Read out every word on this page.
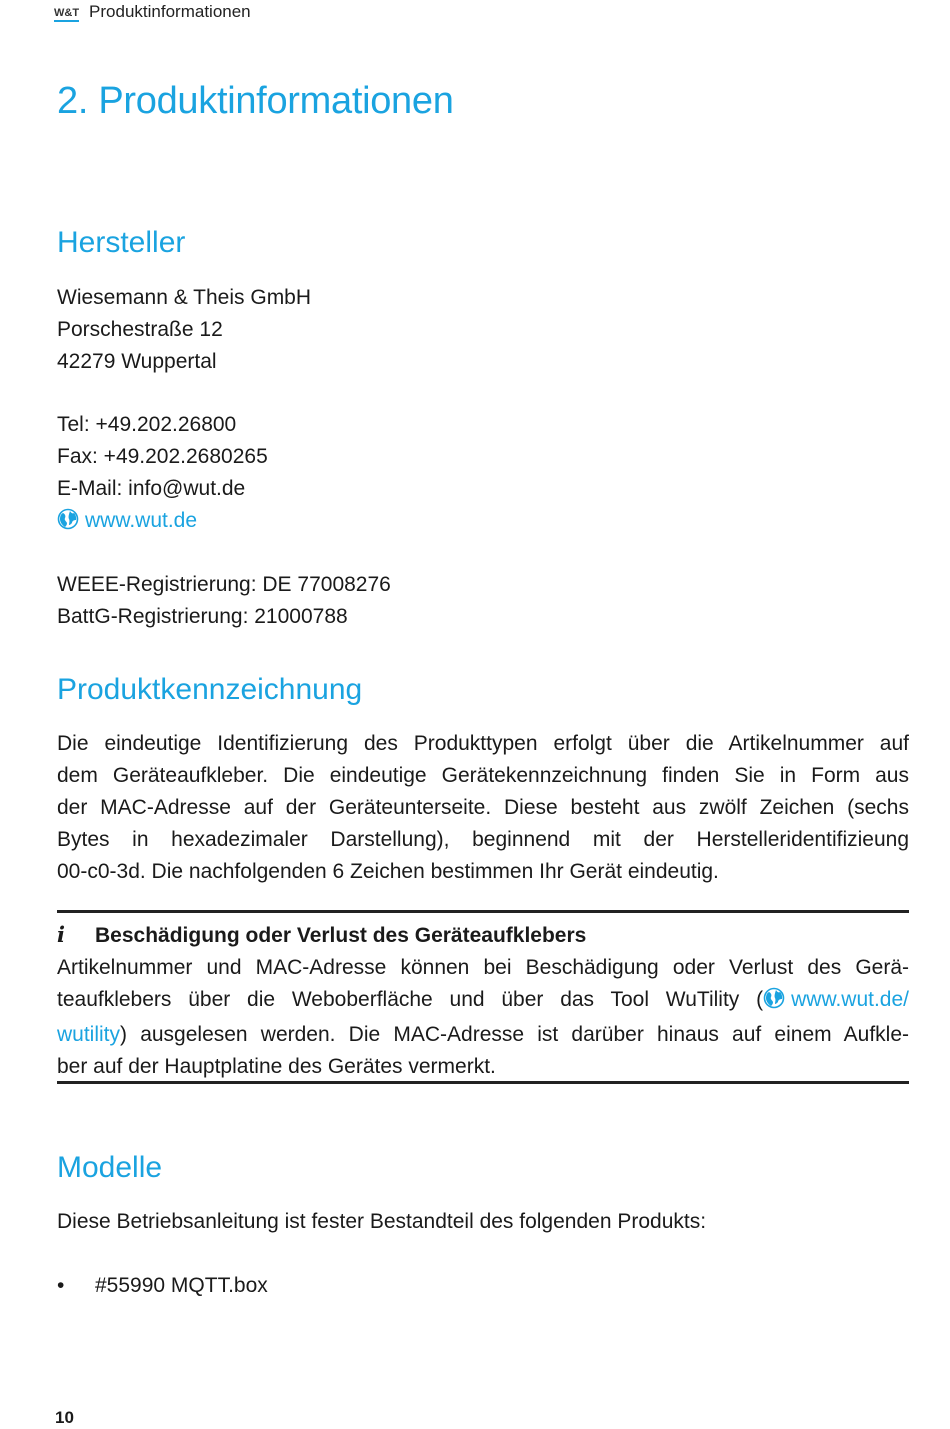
W&T Produktinformationen
2. Produktinformationen
Hersteller
Wiesemann & Theis GmbH
Porschestraße 12
42279 Wuppertal
Tel: +49.202.26800
Fax: +49.202.2680265
E-Mail: info@wut.de
www.wut.de
WEEE-Registrierung: DE 77008276
BattG-Registrierung: 21000788
Produktkennzeichnung
Die eindeutige Identifizierung des Produkttypen erfolgt über die Artikelnummer auf
dem Geräteaufkleber. Die eindeutige Gerätekennzeichnung finden Sie in Form aus
der MAC-Adresse auf der Geräteunterseite. Diese besteht aus zwölf Zeichen (sechs
Bytes in hexadezimaler Darstellung), beginnend mit der Herstelleridentifizieung
00-c0-3d. Die nachfolgenden 6 Zeichen bestimmen Ihr Gerät eindeutig.
i Beschädigung oder Verlust des Geräteaufklebers
Artikelnummer und MAC-Adresse können bei Beschädigung oder Verlust des Gerä-
teaufklebers über die Weboberfläche und über das Tool WuTility ( www.wut.de/
wutility) ausgelesen werden. Die MAC-Adresse ist darüber hinaus auf einem Aufkle-
ber auf der Hauptplatine des Gerätes vermerkt.
Modelle
Diese Betriebsanleitung ist fester Bestandteil des folgenden Produkts:
• #55990 MQTT.box
10
